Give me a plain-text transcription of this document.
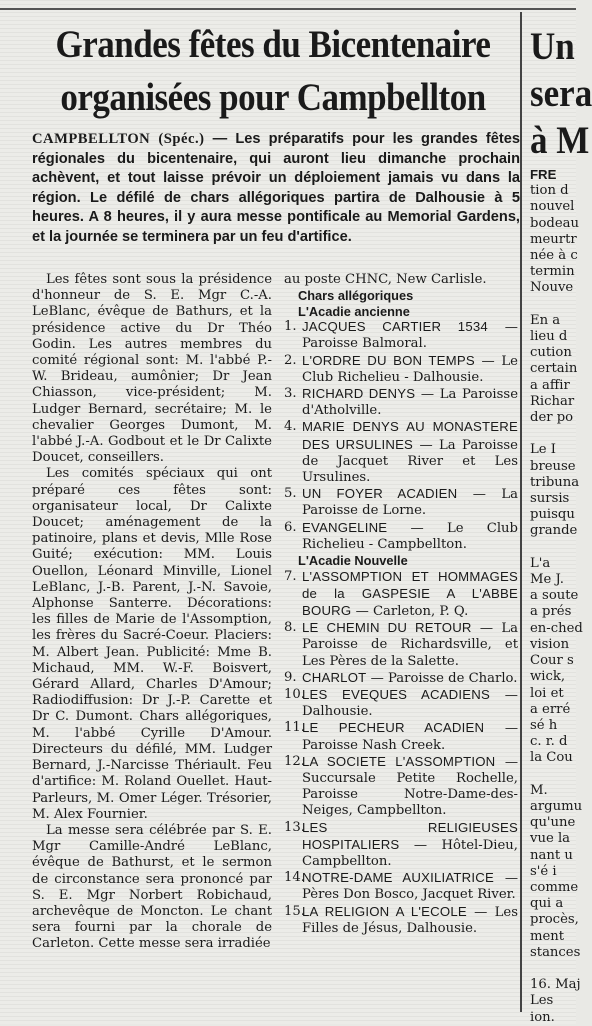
Grandes fêtes du Bicentenaire
organisées pour Campbellton

CAMPBELLTON (Spéc.) — Les préparatifs pour les grandes fêtes régionales du bicentenaire, qui auront lieu dimanche prochain achèvent, et tout laisse prévoir un déploiement jamais vu dans la région. Le défilé de chars allégoriques partira de Dalhousie à 5 heures. A 8 heures, il y aura messe pontificale au Memorial Gardens, et la journée se terminera par un feu d'artifice.

Les fêtes sont sous la présidence d'honneur de S. E. Mgr C.-A. LeBlanc, évêque de Bathurs, et la présidence active du Dr Théo Godin. Les autres membres du comité régional sont: M. l'abbé P.-W. Brideau, aumônier; Dr Jean Chiasson, vice-président; M. Ludger Bernard, secrétaire; M. le chevalier Georges Dumont, M. l'abbé J.-A. Godbout et le Dr Calixte Doucet, conseillers.

Les comités spéciaux qui ont préparé ces fêtes sont: organisateur local, Dr Calixte Doucet; aménagement de la patinoire, plans et devis, Mlle Rose Guité; exécution: MM. Louis Ouellon, Léonard Minville, Lionel LeBlanc, J.-B. Parent, J.-N. Savoie, Alphonse Santerre. Décorations: les filles de Marie de l'Assomption, les frères du Sacré-Coeur. Placiers: M. Albert Jean. Publicité: Mme B. Michaud, MM. W.-F. Boisvert, Gérard Allard, Charles D'Amour; Radiodiffusion: Dr J.-P. Carette et Dr C. Dumont. Chars allégoriques, M. l'abbé Cyrille D'Amour. Directeurs du défilé, MM. Ludger Bernard, J.-Narcisse Thériault. Feu d'artifice: M. Roland Ouellet. Haut-Parleurs, M. Omer Léger. Trésorier, M. Alex Fournier.

La messe sera célébrée par S. E. Mgr Camille-André LeBlanc, évêque de Bathurst, et le sermon de circonstance sera prononcé par S. E. Mgr Norbert Robichaud, archevêque de Moncton. Le chant sera fourni par la chorale de Carleton. Cette messe sera irradiée

au poste CHNC, New Carlisle.

Chars allégoriques

L'Acadie ancienne

1. JACQUES CARTIER 1534 — Paroisse Balmoral.
2. L'ORDRE DU BON TEMPS — Le Club Richelieu - Dalhousie.
3. RICHARD DENYS — La Paroisse d'Atholville.
4. MARIE DENYS AU MONASTERE DES URSULINES — La Paroisse de Jacquet River et Les Ursulines.
5. UN FOYER ACADIEN — La Paroisse de Lorne.
6. EVANGELINE — Le Club Richelieu - Campbellton.

L'Acadie Nouvelle

7. L'ASSOMPTION ET HOMMAGES de la GASPESIE A L'ABBE BOURG — Carleton, P. Q.
8. LE CHEMIN DU RETOUR — La Paroisse de Richardsville, et Les Pères de la Salette.
9. CHARLOT — Paroisse de Charlo.
10.
LES EVEQUES ACADIENS — Dalhousie.
11.
LE PECHEUR ACADIEN — Paroisse Nash Creek.
12.
LA SOCIETE L'ASSOMPTION — Succursale Petite Rochelle, Paroisse Notre-Dame-des-Neiges, Campbellton.
13.
LES RELIGIEUSES HOSPITALIERS — Hôtel-Dieu, Campbellton.
14.
NOTRE-DAME AUXILIATRICE — Pères Don Bosco, Jacquet River.
15.
LA RELIGION A L'ECOLE — Les Filles de Jésus, Dalhousie.

Un

sera

à M

FRE

tion d

nouvel

bodeau

meurtr

née à c

termin

Nouve

En a

lieu d

cution

certain

a affir

Richar

der po

Le I

breuse

tribuna

sursis

puisqu

grande

L'a

Me J.

a soute

a prés

en-ched

vision

Cour s

wick,

loi et

a erré

sé h

c. r. d

la Cou

M.

argumu

qu'une

vue la

nant u

s'é i

comme

qui a

procès,

ment

stances

16. Maj

Les

ion.
